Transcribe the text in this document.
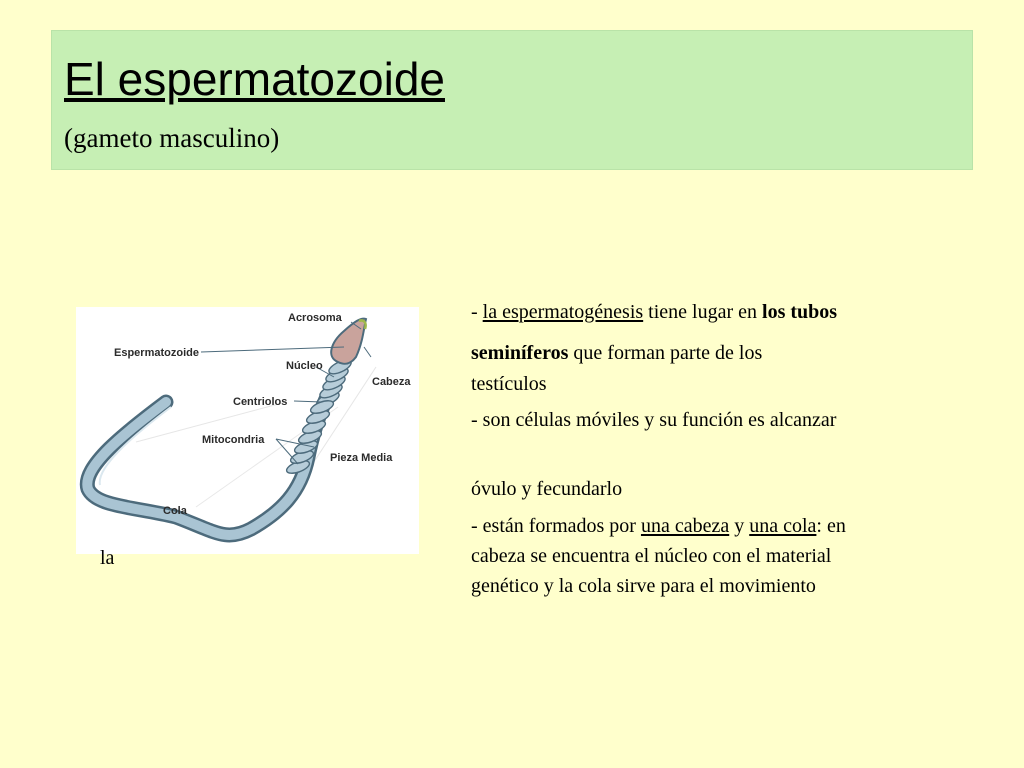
El espermatozoide
(gameto masculino)
Acrosoma
Espermatozoide
Núcleo
Cabeza
Centriolos
Mitocondria
Pieza Media
Cola
la
- la espermatogénesis tiene lugar en los tubos
seminíferos que forman parte de los
testículos
- son células móviles y su función es alcanzar
óvulo y fecundarlo
- están formados por una cabeza y una cola: en
cabeza se encuentra el núcleo con el material
genético y la cola sirve para el movimiento
